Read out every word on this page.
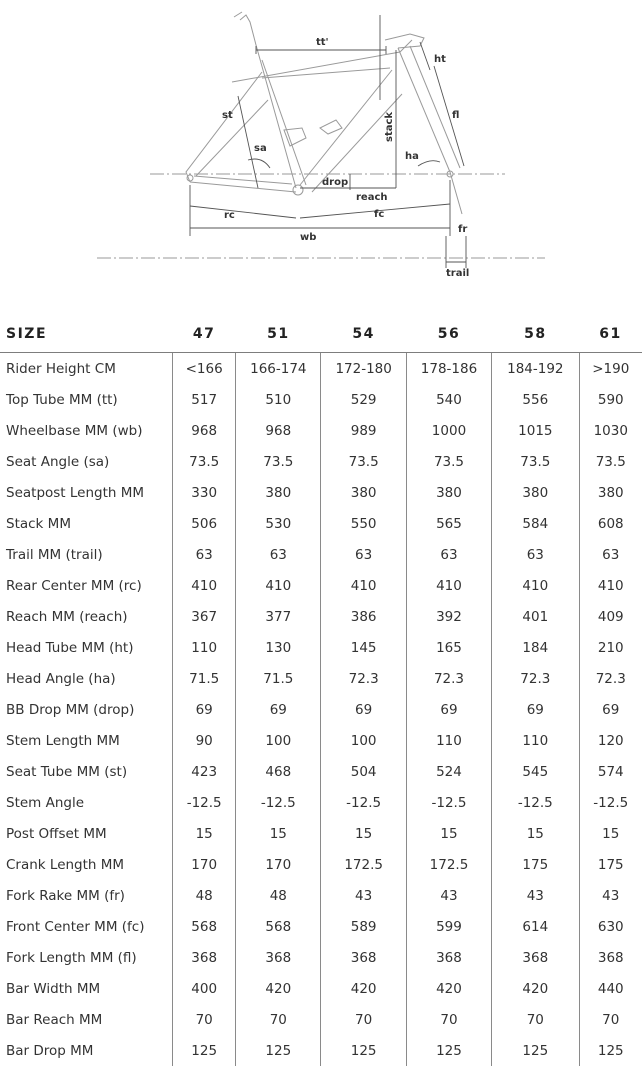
tt'
ht
st	fl
stack
sa
ha
drop
reach
rc	fc
fr
wb
trail
SIZE	47	51	54	56	58	61
Rider Height CM	<166	166-174	172-180	178-186	184-192	>190
Top Tube MM (tt)	517	510	529	540	556	590
Wheelbase MM (wb)	968	968	989	1000	1015	1030
Seat Angle (sa)	73.5	73.5	73.5	73.5	73.5	73.5
Seatpost Length MM	330	380	380	380	380	380
Stack MM	506	530	550	565	584	608
Trail MM (trail)	63	63	63	63	63	63
Rear Center MM (rc)	410	410	410	410	410	410
Reach MM (reach)	367	377	386	392	401	409
Head Tube MM (ht)	110	130	145	165	184	210
Head Angle (ha)	71.5	71.5	72.3	72.3	72.3	72.3
BB Drop MM (drop)	69	69	69	69	69	69
Stem Length MM	90	100	100	110	110	120
Seat Tube MM (st)	423	468	504	524	545	574
Stem Angle	-12.5	-12.5	-12.5	-12.5	-12.5	-12.5
Post Offset MM	15	15	15	15	15	15
Crank Length MM	170	170	172.5	172.5	175	175
Fork Rake MM (fr)	48	48	43	43	43	43
Front Center MM (fc)	568	568	589	599	614	630
Fork Length MM (fl)	368	368	368	368	368	368
Bar Width MM	400	420	420	420	420	440
Bar Reach MM	70	70	70	70	70	70
Bar Drop MM	125	125	125	125	125	125
